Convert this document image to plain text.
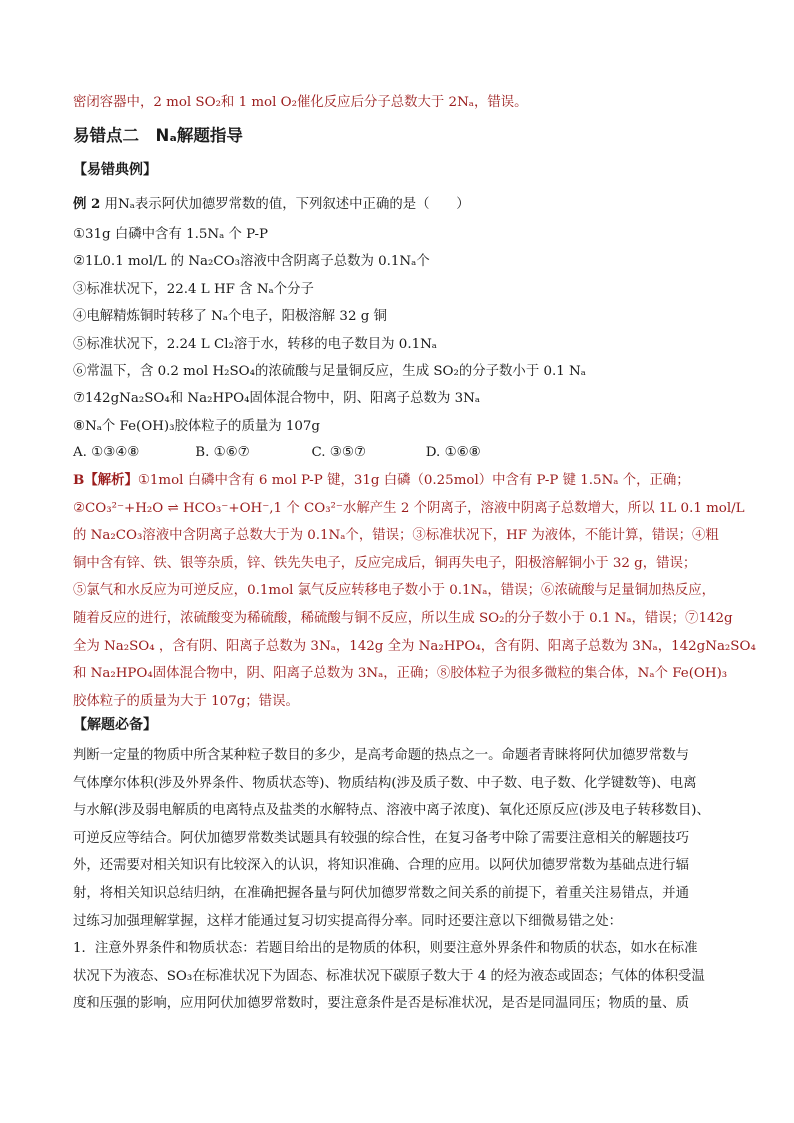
密闭容器中，2 mol SO₂和 1 mol O₂催化反应后分子总数大于 2Nₐ，错误。
易错点二　Nₐ解题指导
【易错典例】
例 2 用Nₐ表示阿伏加德罗常数的值，下列叙述中正确的是（　　）
①31g 白磷中含有 1.5Nₐ 个 P-P
②1L0.1 mol/L 的 Na₂CO₃溶液中含阴离子总数为 0.1Nₐ个
③标准状况下，22.4 L HF 含 Nₐ个分子
④电解精炼铜时转移了 Nₐ个电子，阳极溶解 32 g 铜
⑤标准状况下，2.24 L Cl₂溶于水，转移的电子数目为 0.1Nₐ
⑥常温下，含 0.2 mol H₂SO₄的浓硫酸与足量铜反应，生成 SO₂的分子数小于 0.1 Nₐ
⑦142gNa₂SO₄和 Na₂HPO₄固体混合物中，阴、阳离子总数为 3Nₐ
⑧Nₐ个 Fe(OH)₃胶体粒子的质量为 107g
A. ①③④⑧	B. ①⑥⑦	C. ③⑤⑦	D. ①⑥⑧
B【解析】①1mol 白磷中含有 6 mol P-P 键，31g 白磷（0.25mol）中含有 P-P 键 1.5Nₐ 个，正确；
②CO₃²⁻+H₂O ⇌ HCO₃⁻+OH⁻,1 个 CO₃²⁻水解产生 2 个阴离子，溶液中阴离子总数增大，所以 1L 0.1 mol/L
的 Na₂CO₃溶液中含阴离子总数大于为 0.1Nₐ个，错误；③标准状况下，HF 为液体，不能计算，错误；④粗
铜中含有锌、铁、银等杂质，锌、铁先失电子，反应完成后，铜再失电子，阳极溶解铜小于 32 g，错误；
⑤氯气和水反应为可逆反应，0.1mol 氯气反应转移电子数小于 0.1Nₐ，错误；⑥浓硫酸与足量铜加热反应，
随着反应的进行，浓硫酸变为稀硫酸，稀硫酸与铜不反应，所以生成 SO₂的分子数小于 0.1 Nₐ，错误；⑦142g
全为 Na₂SO₄ ，含有阴、阳离子总数为 3Nₐ，142g 全为 Na₂HPO₄，含有阴、阳离子总数为 3Nₐ，142gNa₂SO₄
和 Na₂HPO₄固体混合物中，阴、阳离子总数为 3Nₐ，正确；⑧胶体粒子为很多微粒的集合体，Nₐ个 Fe(OH)₃
胶体粒子的质量为大于 107g；错误。
【解题必备】
判断一定量的物质中所含某种粒子数目的多少，是高考命题的热点之一。命题者青睐将阿伏加德罗常数与
气体摩尔体积(涉及外界条件、物质状态等)、物质结构(涉及质子数、中子数、电子数、化学键数等)、电离
与水解(涉及弱电解质的电离特点及盐类的水解特点、溶液中离子浓度)、氧化还原反应(涉及电子转移数目)、
可逆反应等结合。阿伏加德罗常数类试题具有较强的综合性，在复习备考中除了需要注意相关的解题技巧
外，还需要对相关知识有比较深入的认识，将知识准确、合理的应用。以阿伏加德罗常数为基础点进行辐
射，将相关知识总结归纳，在准确把握各量与阿伏加德罗常数之间关系的前提下，着重关注易错点，并通
过练习加强理解掌握，这样才能通过复习切实提高得分率。同时还要注意以下细微易错之处：
1．注意外界条件和物质状态：若题目给出的是物质的体积，则要注意外界条件和物质的状态，如水在标准
状况下为液态、SO₃在标准状况下为固态、标准状况下碳原子数大于 4 的烃为液态或固态；气体的体积受温
度和压强的影响，应用阿伏加德罗常数时，要注意条件是否是标准状况，是否是同温同压；物质的量、质
